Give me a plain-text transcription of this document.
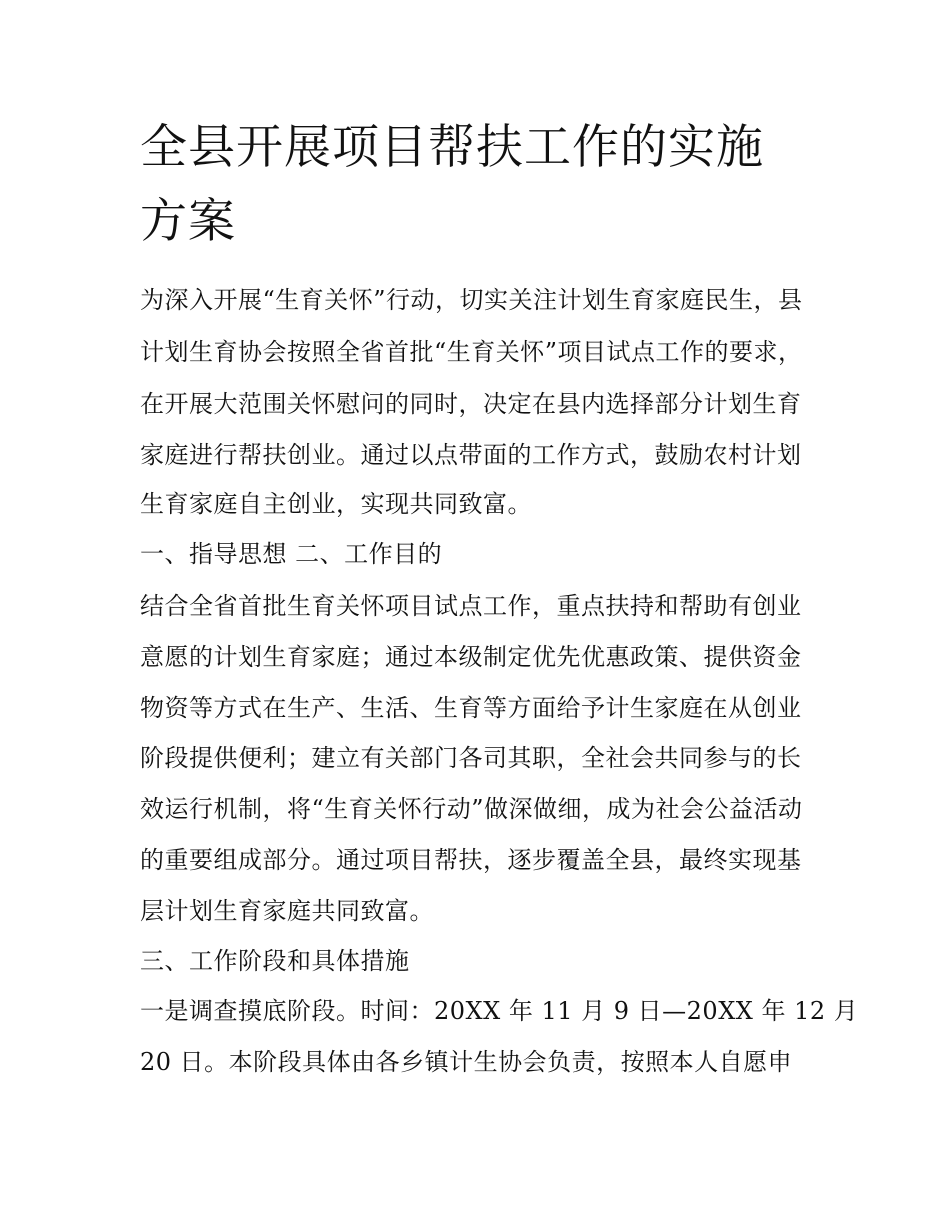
全县开展项目帮扶工作的实施
方案

为深入开展“生育关怀”行动，切实关注计划生育家庭民生，县

计划生育协会按照全省首批“生育关怀”项目试点工作的要求，

在开展大范围关怀慰问的同时，决定在县内选择部分计划生育

家庭进行帮扶创业。通过以点带面的工作方式，鼓励农村计划

生育家庭自主创业，实现共同致富。

一、指导思想 二、工作目的

结合全省首批生育关怀项目试点工作，重点扶持和帮助有创业

意愿的计划生育家庭；通过本级制定优先优惠政策、提供资金

物资等方式在生产、生活、生育等方面给予计生家庭在从创业

阶段提供便利；建立有关部门各司其职，全社会共同参与的长

效运行机制，将“生育关怀行动”做深做细，成为社会公益活动

的重要组成部分。通过项目帮扶，逐步覆盖全县，最终实现基

层计划生育家庭共同致富。

三、工作阶段和具体措施

一是调查摸底阶段。时间：20XX 年 11 月 9 日—20XX 年 12 月

20 日。本阶段具体由各乡镇计生协会负责，按照本人自愿申
